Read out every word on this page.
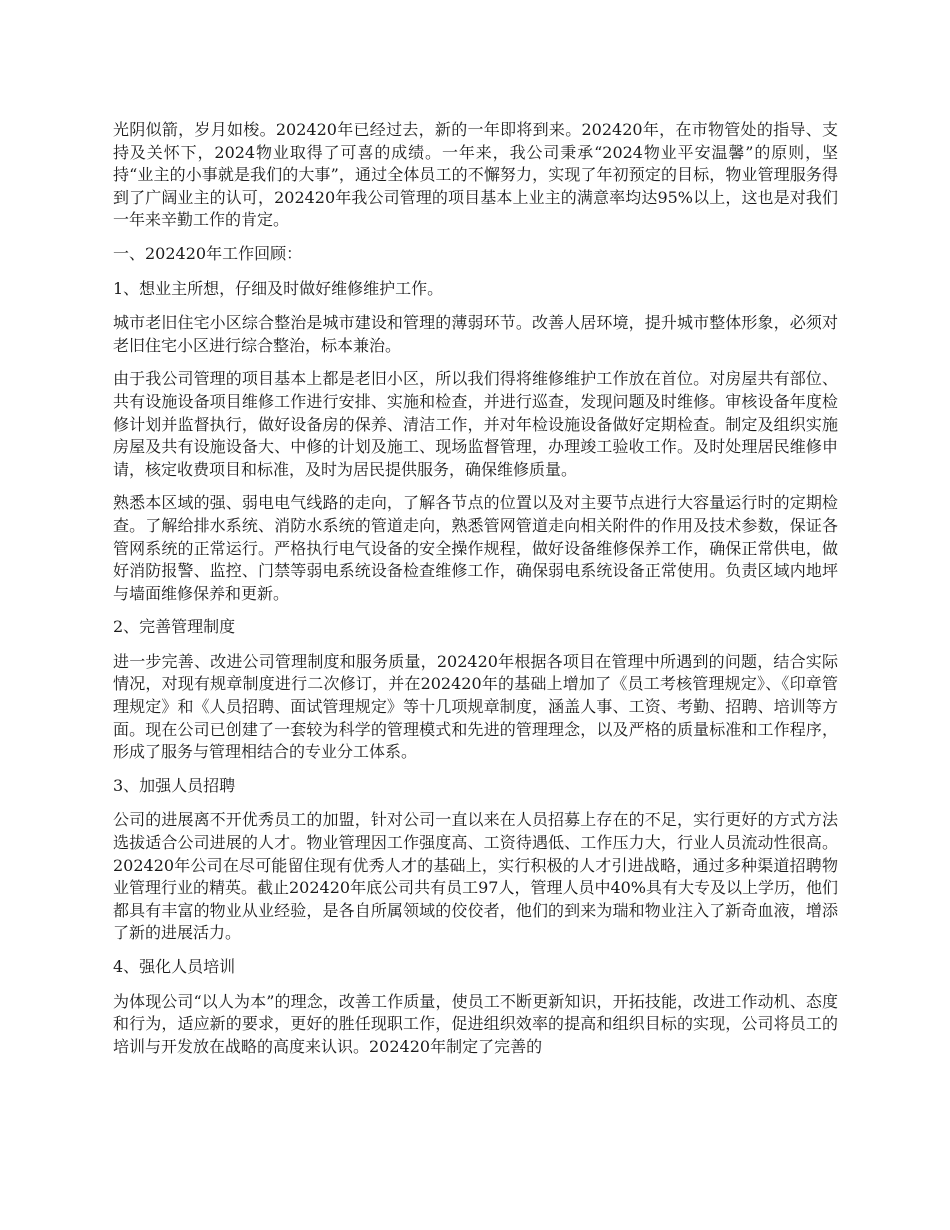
光阴似箭，岁月如梭。202420年已经过去，新的一年即将到来。202420年，在市物管处的指导、支持及关怀下，2024物业取得了可喜的成绩。一年来，我公司秉承“2024物业平安温馨”的原则，坚持“业主的小事就是我们的大事”，通过全体员工的不懈努力，实现了年初预定的目标，物业管理服务得到了广阔业主的认可，202420年我公司管理的项目基本上业主的满意率均达95%以上，这也是对我们一年来辛勤工作的肯定。

一、202420年工作回顾：

1、想业主所想，仔细及时做好维修维护工作。

城市老旧住宅小区综合整治是城市建设和管理的薄弱环节。改善人居环境，提升城市整体形象，必须对老旧住宅小区进行综合整治，标本兼治。

由于我公司管理的项目基本上都是老旧小区，所以我们得将维修维护工作放在首位。对房屋共有部位、共有设施设备项目维修工作进行安排、实施和检查，并进行巡查，发现问题及时维修。审核设备年度检修计划并监督执行，做好设备房的保养、清洁工作，并对年检设施设备做好定期检查。制定及组织实施房屋及共有设施设备大、中修的计划及施工、现场监督管理，办理竣工验收工作。及时处理居民维修申请，核定收费项目和标准，及时为居民提供服务，确保维修质量。

熟悉本区域的强、弱电电气线路的走向，了解各节点的位置以及对主要节点进行大容量运行时的定期检查。了解给排水系统、消防水系统的管道走向，熟悉管网管道走向相关附件的作用及技术参数，保证各管网系统的正常运行。严格执行电气设备的安全操作规程，做好设备维修保养工作，确保正常供电，做好消防报警、监控、门禁等弱电系统设备检查维修工作，确保弱电系统设备正常使用。负责区域内地坪与墙面维修保养和更新。

2、完善管理制度

进一步完善、改进公司管理制度和服务质量，202420年根据各项目在管理中所遇到的问题，结合实际情况，对现有规章制度进行二次修订，并在202420年的基础上增加了《员工考核管理规定》、《印章管理规定》和《人员招聘、面试管理规定》等十几项规章制度，涵盖人事、工资、考勤、招聘、培训等方面。现在公司已创建了一套较为科学的管理模式和先进的管理理念，以及严格的质量标准和工作程序，形成了服务与管理相结合的专业分工体系。

3、加强人员招聘

公司的进展离不开优秀员工的加盟，针对公司一直以来在人员招募上存在的不足，实行更好的方式方法选拔适合公司进展的人才。物业管理因工作强度高、工资待遇低、工作压力大，行业人员流动性很高。202420年公司在尽可能留住现有优秀人才的基础上，实行积极的人才引进战略，通过多种渠道招聘物业管理行业的精英。截止202420年底公司共有员工97人，管理人员中40%具有大专及以上学历，他们都具有丰富的物业从业经验，是各自所属领域的佼佼者，他们的到来为瑞和物业注入了新奇血液，增添了新的进展活力。

4、强化人员培训

为体现公司“以人为本”的理念，改善工作质量，使员工不断更新知识，开拓技能，改进工作动机、态度和行为，适应新的要求，更好的胜任现职工作，促进组织效率的提高和组织目标的实现，公司将员工的培训与开发放在战略的高度来认识。202420年制定了完善的
